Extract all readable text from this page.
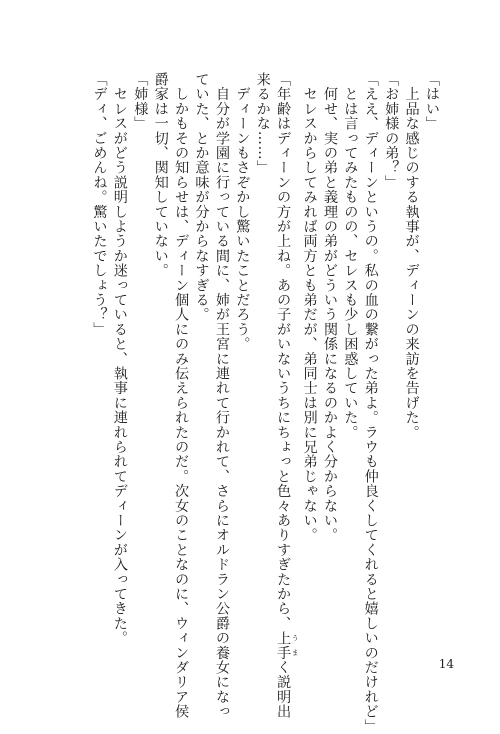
「はい」
　上品な感じのする執事が、ディーンの来訪を告げた。
「お姉様の弟？」
「ええ、ディーンというの。私の血の繋がった弟よ。ラウも仲良くしてくれると嬉しいのだけれど」
　とは言ってみたものの、セレスも少し困惑していた。
　何せ、実の弟と義理の弟がどういう関係になるのかよく分からない。
　セレスからしてみれば両方とも弟だが、弟同士は別に兄弟じゃない。
「年齢はディーンの方が上ね。あの子がいないうちにちょっと色々ありすぎたから、上手 うまく説明出
来るかな……」
　ディーンもさぞかし驚いたことだろう。
　自分が学園に行っている間に、姉が王宮に連れて行かれて、さらにオルドラン公爵の養女になっ
ていた、とか意味が分からなすぎる。
　しかもその知らせは、ディーン個人にのみ伝えられたのだ。次女のことなのに、ウィンダリア侯
爵家は一切、関知していない。
「姉様」
　セレスがどう説明しようか迷っていると、執事に連れられてディーンが入ってきた。
「ディ、ごめんね。驚いたでしょう？」
14
